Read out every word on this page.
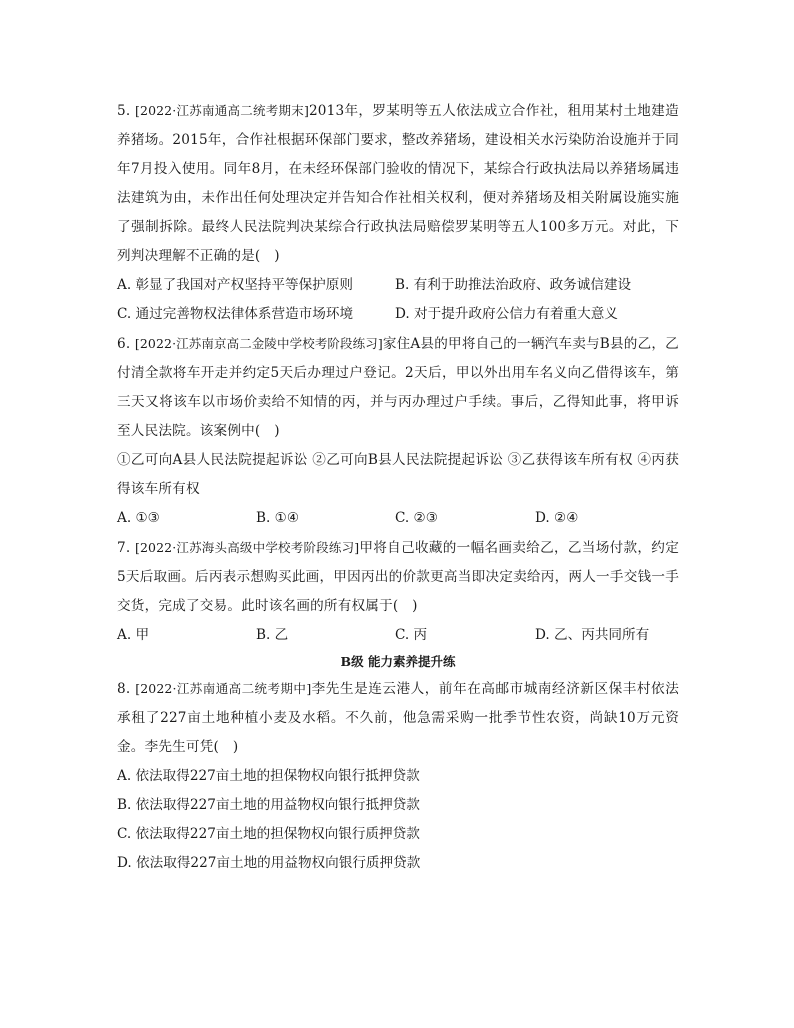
5. [2022·江苏南通高二统考期末]2013年，罗某明等五人依法成立合作社，租用某村土地建造养猪场。2015年，合作社根据环保部门要求，整改养猪场，建设相关水污染防治设施并于同年7月投入使用。同年8月，在未经环保部门验收的情况下，某综合行政执法局以养猪场属违法建筑为由，未作出任何处理决定并告知合作社相关权利，便对养猪场及相关附属设施实施了强制拆除。最终人民法院判决某综合行政执法局赔偿罗某明等五人100多万元。对此，下列判决理解不正确的是(　)

A. 彰显了我国对产权坚持平等保护原则	B. 有利于助推法治政府、政务诚信建设
C. 通过完善物权法律体系营造市场环境	D. 对于提升政府公信力有着重大意义

6. [2022·江苏南京高二金陵中学校考阶段练习]家住A县的甲将自己的一辆汽车卖与B县的乙，乙付清全款将车开走并约定5天后办理过户登记。2天后，甲以外出用车名义向乙借得该车，第三天又将该车以市场价卖给不知情的丙，并与丙办理过户手续。事后，乙得知此事，将甲诉至人民法院。该案例中(　)

①乙可向A县人民法院提起诉讼 ②乙可向B县人民法院提起诉讼 ③乙获得该车所有权 ④丙获得该车所有权

A. ①③	B. ①④	C. ②③	D. ②④

7. [2022·江苏海头高级中学校考阶段练习]甲将自己收藏的一幅名画卖给乙，乙当场付款，约定5天后取画。后丙表示想购买此画，甲因丙出的价款更高当即决定卖给丙，两人一手交钱一手交货，完成了交易。此时该名画的所有权属于(　)

A. 甲	B. 乙	C. 丙	D. 乙、丙共同所有

B级 能力素养提升练

8. [2022·江苏南通高二统考期中]李先生是连云港人，前年在高邮市城南经济新区保丰村依法承租了227亩土地种植小麦及水稻。不久前，他急需采购一批季节性农资，尚缺10万元资金。李先生可凭(　)

A. 依法取得227亩土地的担保物权向银行抵押贷款
B. 依法取得227亩土地的用益物权向银行抵押贷款
C. 依法取得227亩土地的担保物权向银行质押贷款
D. 依法取得227亩土地的用益物权向银行质押贷款
